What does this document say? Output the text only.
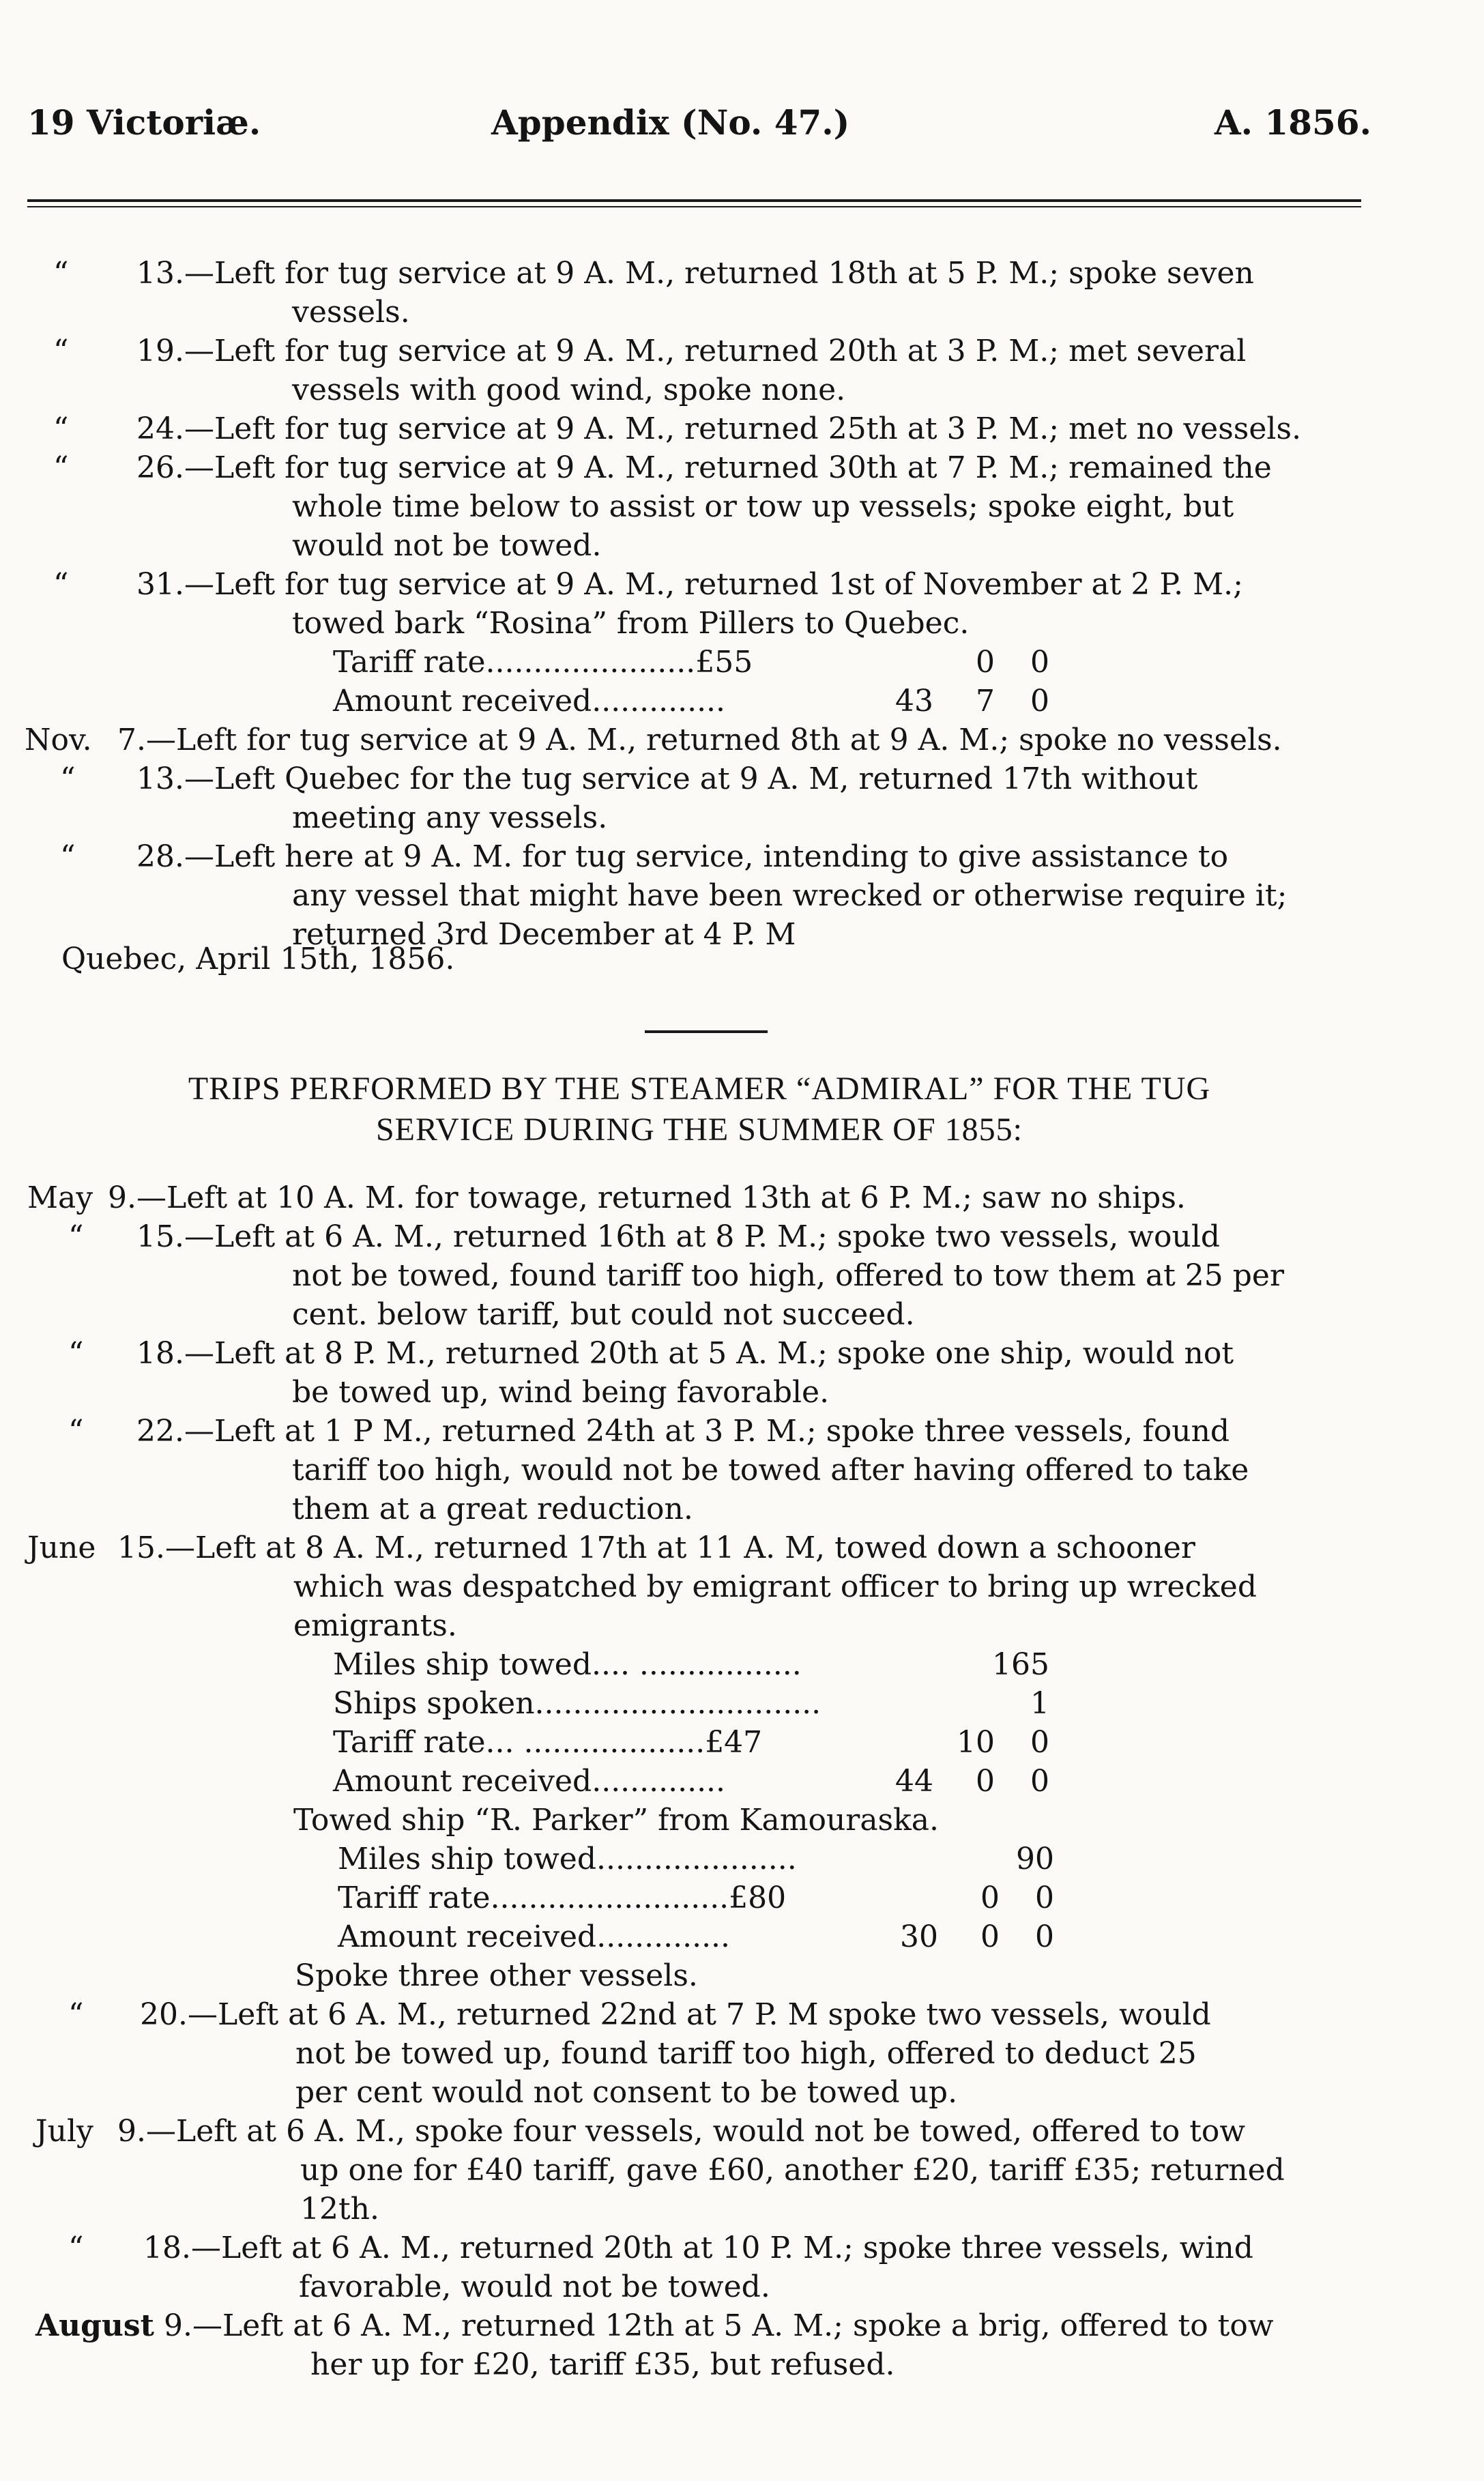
19 Victoriæ.	Appendix (No. 47.)	A. 1856.
“ 13.—Left for tug service at 9 A. M., returned 18th at 5 P. M.; spoke seven
vessels.
“ 19.—Left for tug service at 9 A. M., returned 20th at 3 P. M.; met several
vessels with good wind, spoke none.
“ 24.—Left for tug service at 9 A. M., returned 25th at 3 P. M.; met no vessels.
“ 26.—Left for tug service at 9 A. M., returned 30th at 7 P. M.; remained the
whole time below to assist or tow up vessels; spoke eight, but
would not be towed.
“ 31.—Left for tug service at 9 A. M., returned 1st of November at 2 P. M.;
towed bark “Rosina” from Pillers to Quebec.
Tariff rate......................£55	0	0
Amount received..............	43	7	0
Nov. 7.—Left for tug service at 9 A. M., returned 8th at 9 A. M.; spoke no vessels.
“ 13.—Left Quebec for the tug service at 9 A. M, returned 17th without
meeting any vessels.
“ 28.—Left here at 9 A. M. for tug service, intending to give assistance to
any vessel that might have been wrecked or otherwise require it;
returned 3rd December at 4 P. M
Quebec, April 15th, 1856.
TRIPS PERFORMED BY THE STEAMER “ADMIRAL” FOR THE TUG
SERVICE DURING THE SUMMER OF 1855:
May 9.—Left at 10 A. M. for towage, returned 13th at 6 P. M.; saw no ships.
“ 15.—Left at 6 A. M., returned 16th at 8 P. M.; spoke two vessels, would
not be towed, found tariff too high, offered to tow them at 25 per
cent. below tariff, but could not succeed.
“ 18.—Left at 8 P. M., returned 20th at 5 A. M.; spoke one ship, would not
be towed up, wind being favorable.
“ 22.—Left at 1 P M., returned 24th at 3 P. M.; spoke three vessels, found
tariff too high, would not be towed after having offered to take
them at a great reduction.
June 15.—Left at 8 A. M., returned 17th at 11 A. M, towed down a schooner
which was despatched by emigrant officer to bring up wrecked
emigrants.
Miles ship towed.... .................	165
Ships spoken..............................	1
Tariff rate... ...................£47	10	0
Amount received..............	44	0	0
Towed ship “R. Parker” from Kamouraska.
Miles ship towed.....................	90
Tariff rate.........................£80	0	0
Amount received..............	30	0	0
Spoke three other vessels.
“ 20.—Left at 6 A. M., returned 22nd at 7 P. M spoke two vessels, would
not be towed up, found tariff too high, offered to deduct 25
per cent would not consent to be towed up.
July 9.—Left at 6 A. M., spoke four vessels, would not be towed, offered to tow
up one for £40 tariff, gave £60, another £20, tariff £35; returned
12th.
“ 18.—Left at 6 A. M., returned 20th at 10 P. M.; spoke three vessels, wind
favorable, would not be towed.
August 9.—Left at 6 A. M., returned 12th at 5 A. M.; spoke a brig, offered to tow
her up for £20, tariff £35, but refused.
